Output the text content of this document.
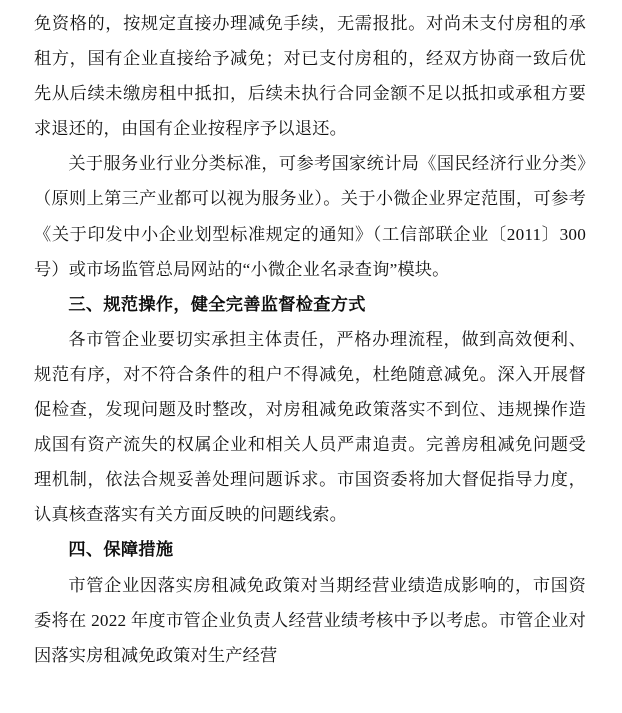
免资格的，按规定直接办理减免手续，无需报批。对尚未支付房租的承租方，国有企业直接给予减免；对已支付房租的，经双方协商一致后优先从后续未缴房租中抵扣，后续未执行合同金额不足以抵扣或承租方要求退还的，由国有企业按程序予以退还。

关于服务业行业分类标准，可参考国家统计局《国民经济行业分类》（原则上第三产业都可以视为服务业）。关于小微企业界定范围，可参考《关于印发中小企业划型标准规定的通知》（工信部联企业〔2011〕300号）或市场监管总局网站的“小微企业名录查询”模块。

三、规范操作，健全完善监督检查方式

各市管企业要切实承担主体责任，严格办理流程，做到高效便利、规范有序，对不符合条件的租户不得减免，杜绝随意减免。深入开展督促检查，发现问题及时整改，对房租减免政策落实不到位、违规操作造成国有资产流失的权属企业和相关人员严肃追责。完善房租减免问题受理机制，依法合规妥善处理问题诉求。市国资委将加大督促指导力度，认真核查落实有关方面反映的问题线索。

四、保障措施

市管企业因落实房租减免政策对当期经营业绩造成影响的，市国资委将在 2022 年度市管企业负责人经营业绩考核中予以考虑。市管企业对因落实房租减免政策对生产经营
